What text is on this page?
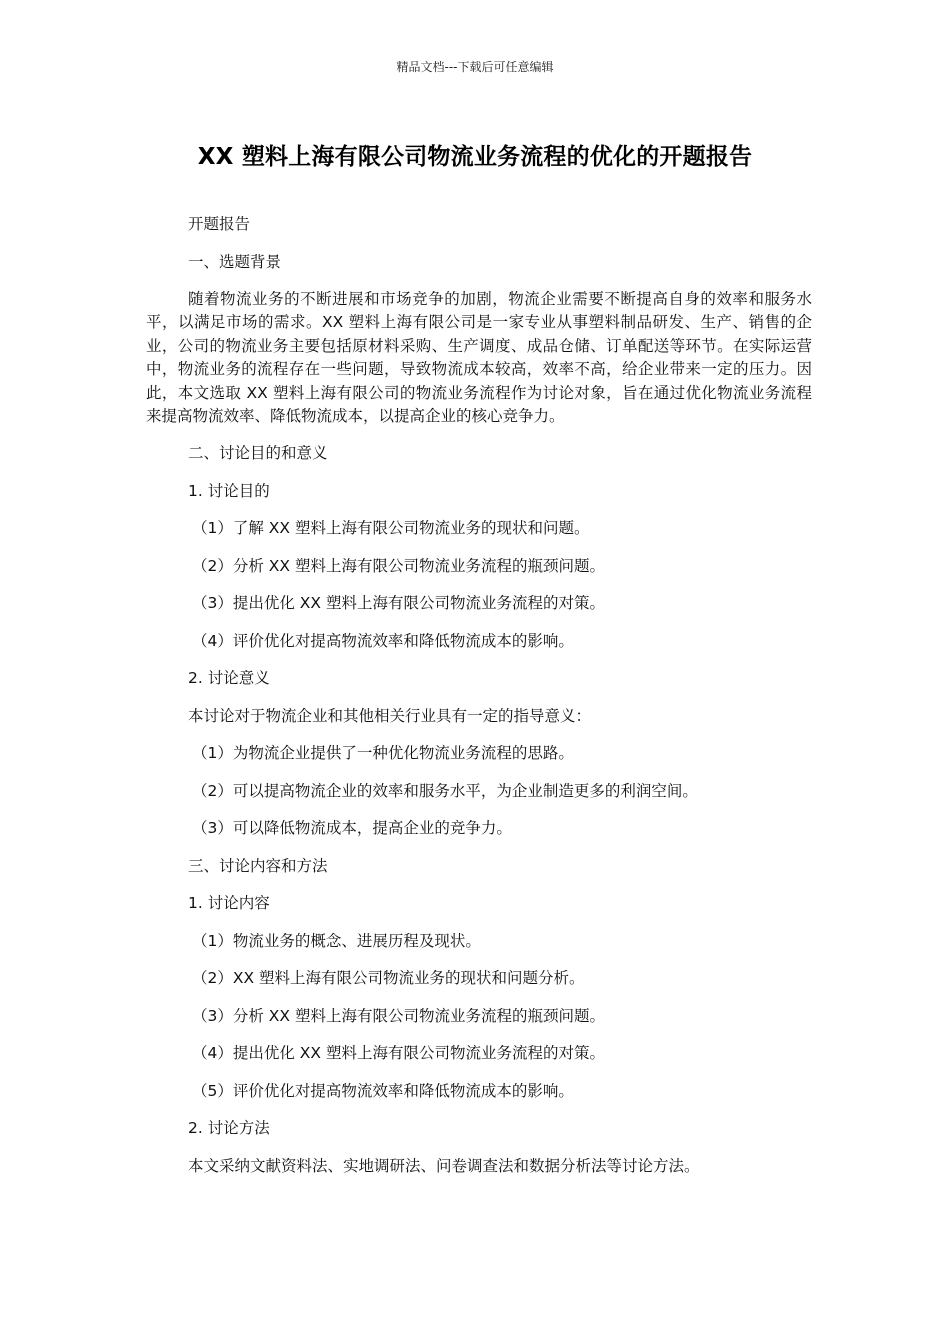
精品文档---下载后可任意编辑
XX 塑料上海有限公司物流业务流程的优化的开题报告
开题报告
一、选题背景
随着物流业务的不断进展和市场竞争的加剧，物流企业需要不断提高自身的效率和服务水平，以满足市场的需求。XX 塑料上海有限公司是一家专业从事塑料制品研发、生产、销售的企业，公司的物流业务主要包括原材料采购、生产调度、成品仓储、订单配送等环节。在实际运营中，物流业务的流程存在一些问题，导致物流成本较高，效率不高，给企业带来一定的压力。因此，本文选取 XX 塑料上海有限公司的物流业务流程作为讨论对象，旨在通过优化物流业务流程来提高物流效率、降低物流成本，以提高企业的核心竞争力。
二、讨论目的和意义
1. 讨论目的
（1）了解 XX 塑料上海有限公司物流业务的现状和问题。
（2）分析 XX 塑料上海有限公司物流业务流程的瓶颈问题。
（3）提出优化 XX 塑料上海有限公司物流业务流程的对策。
（4）评价优化对提高物流效率和降低物流成本的影响。
2. 讨论意义
本讨论对于物流企业和其他相关行业具有一定的指导意义：
（1）为物流企业提供了一种优化物流业务流程的思路。
（2）可以提高物流企业的效率和服务水平，为企业制造更多的利润空间。
（3）可以降低物流成本，提高企业的竞争力。
三、讨论内容和方法
1. 讨论内容
（1）物流业务的概念、进展历程及现状。
（2）XX 塑料上海有限公司物流业务的现状和问题分析。
（3）分析 XX 塑料上海有限公司物流业务流程的瓶颈问题。
（4）提出优化 XX 塑料上海有限公司物流业务流程的对策。
（5）评价优化对提高物流效率和降低物流成本的影响。
2. 讨论方法
本文采纳文献资料法、实地调研法、问卷调查法和数据分析法等讨论方法。
